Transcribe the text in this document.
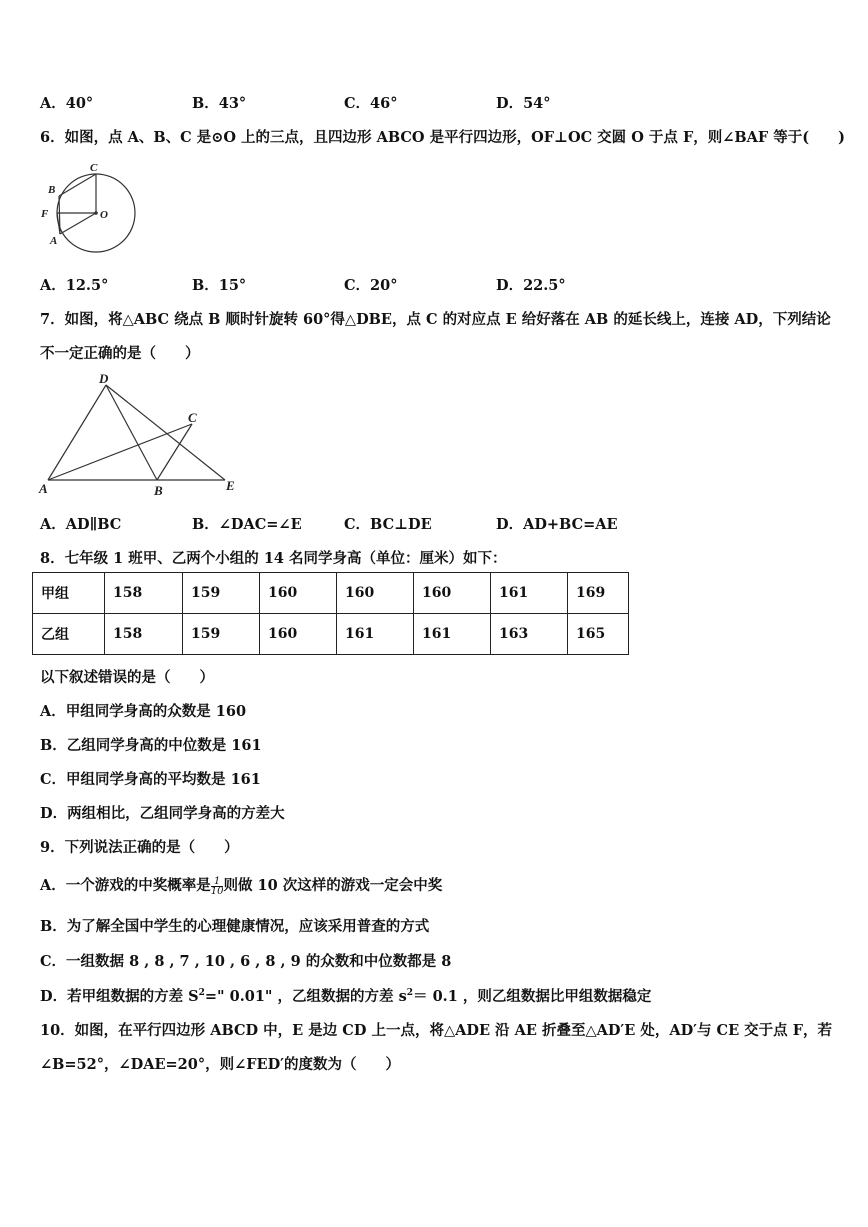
A．40°	B．43°	C．46°	D．54°
6．如图，点 A、B、C 是⊙O 上的三点，且四边形 ABCO 是平行四边形，OF⊥OC 交圆 O 于点 F，则∠BAF 等于(　　)
C
B
F	O
A
A．12.5°	B．15°	C．20°	D．22.5°
7．如图，将△ABC 绕点 B 顺时针旋转 60°得△DBE，点 C 的对应点 E 给好落在 AB 的延长线上，连接 AD，下列结论
不一定正确的是（　　）
D
C
A	B	E
A．AD∥BC	B．∠DAC=∠E	C．BC⊥DE	D．AD+BC=AE
8．七年级 1 班甲、乙两个小组的 14 名同学身高（单位：厘米）如下：
甲组	158	159	160	160	160	161	169
乙组	158	159	160	161	161	163	165
以下叙述错误的是（　　）
A．甲组同学身高的众数是 160
B．乙组同学身高的中位数是 161
C．甲组同学身高的平均数是 161
D．两组相比，乙组同学身高的方差大
9．下列说法正确的是（　　）
A．一个游戏的中奖概率是 $\frac{1}{10}$ 则做 10 次这样的游戏一定会中奖
B．为了解全国中学生的心理健康情况，应该采用普查的方式
C．一组数据 8 , 8 , 7 , 10 , 6 , 8 , 9 的众数和中位数都是 8
D．若甲组数据的方差 $S^2=$" 0.01" ，乙组数据的方差 $s^2= 0.1$ ，则乙组数据比甲组数据稳定
10．如图，在平行四边形 ABCD 中，E 是边 CD 上一点，将△ADE 沿 AE 折叠至△AD′E 处，AD′与 CE 交于点 F，若
∠B=52°，∠DAE=20°，则∠FED′的度数为（　　）
